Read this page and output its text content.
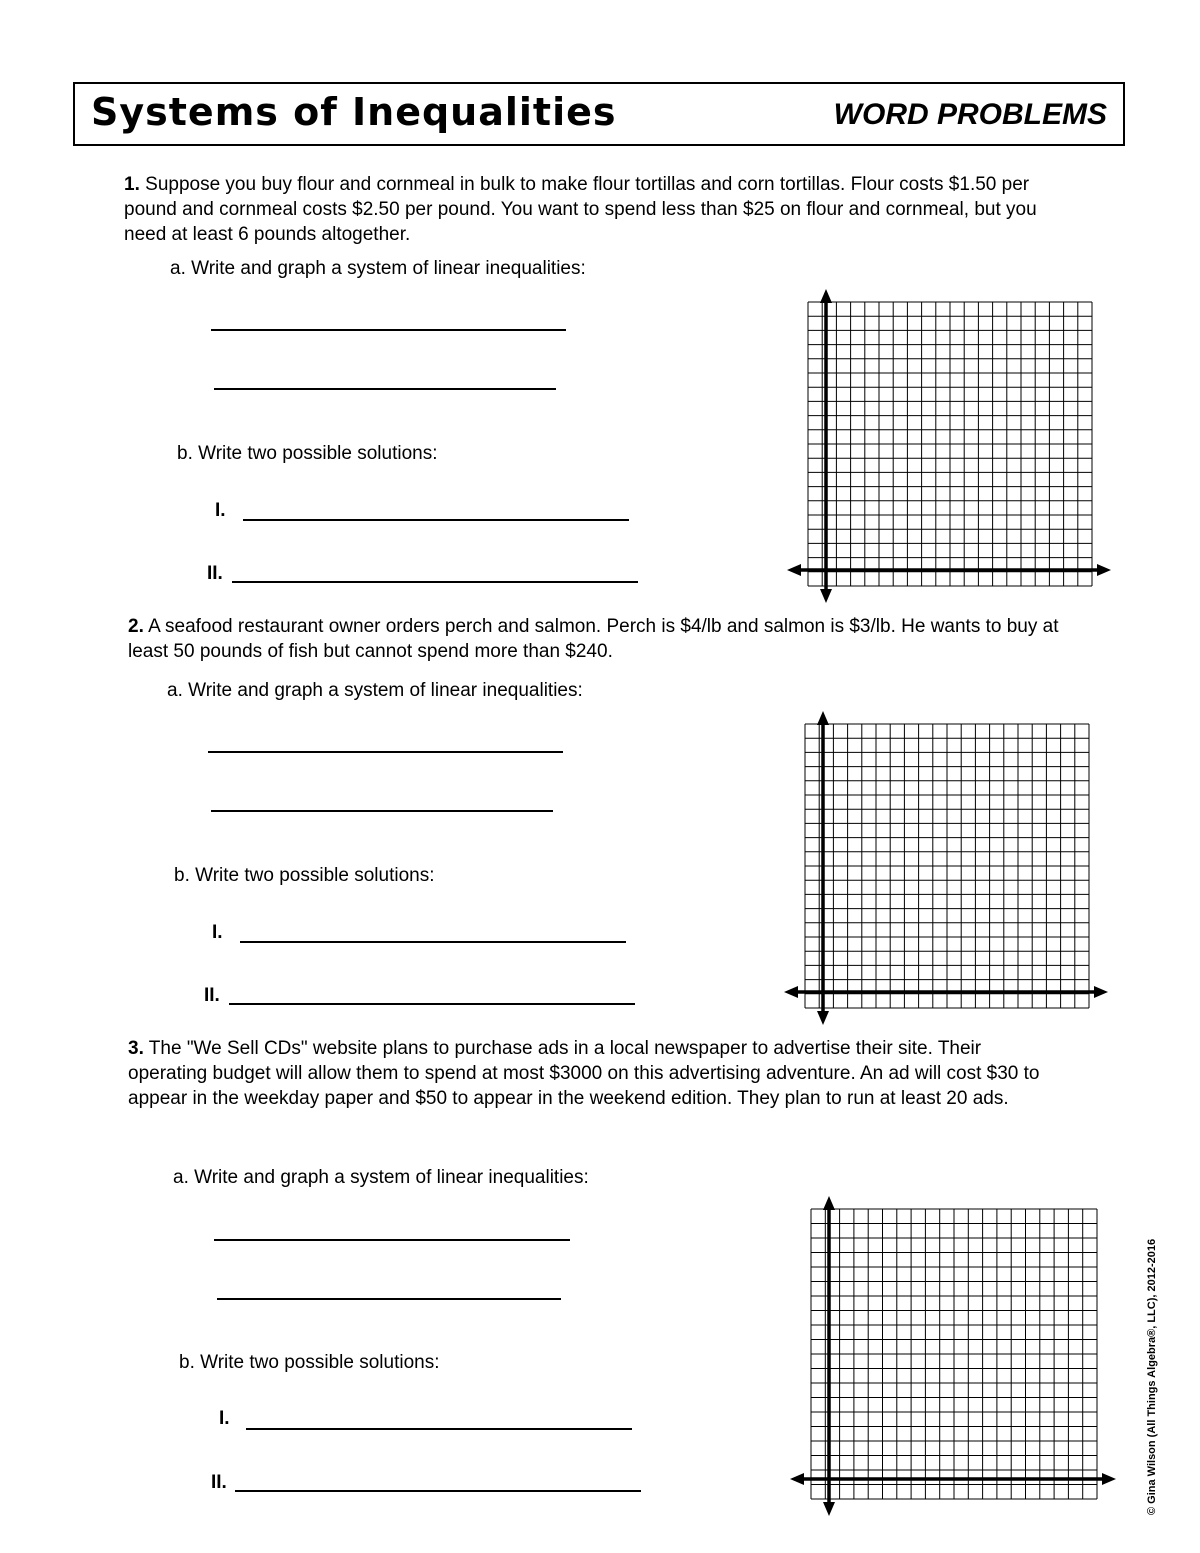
Systems of Inequalities	WORD PROBLEMS
1. Suppose you buy flour and cornmeal in bulk to make flour tortillas and corn tortillas. Flour costs $1.50 per pound and cornmeal costs $2.50 per pound. You want to spend less than $25 on flour and cornmeal, but you need at least 6 pounds altogether.
a. Write and graph a system of linear inequalities:
b. Write two possible solutions:
I.
II.
2. A seafood restaurant owner orders perch and salmon. Perch is $4/lb and salmon is $3/lb. He wants to buy at least 50 pounds of fish but cannot spend more than $240.
a. Write and graph a system of linear inequalities:
b. Write two possible solutions:
I.
II.
3. The "We Sell CDs" website plans to purchase ads in a local newspaper to advertise their site. Their operating budget will allow them to spend at most $3000 on this advertising adventure. An ad will cost $30 to appear in the weekday paper and $50 to appear in the weekend edition. They plan to run at least 20 ads.
a. Write and graph a system of linear inequalities:
b. Write two possible solutions:
I.
II.	© Gina Wilson (All Things Algebra®, LLC), 2012-2016
